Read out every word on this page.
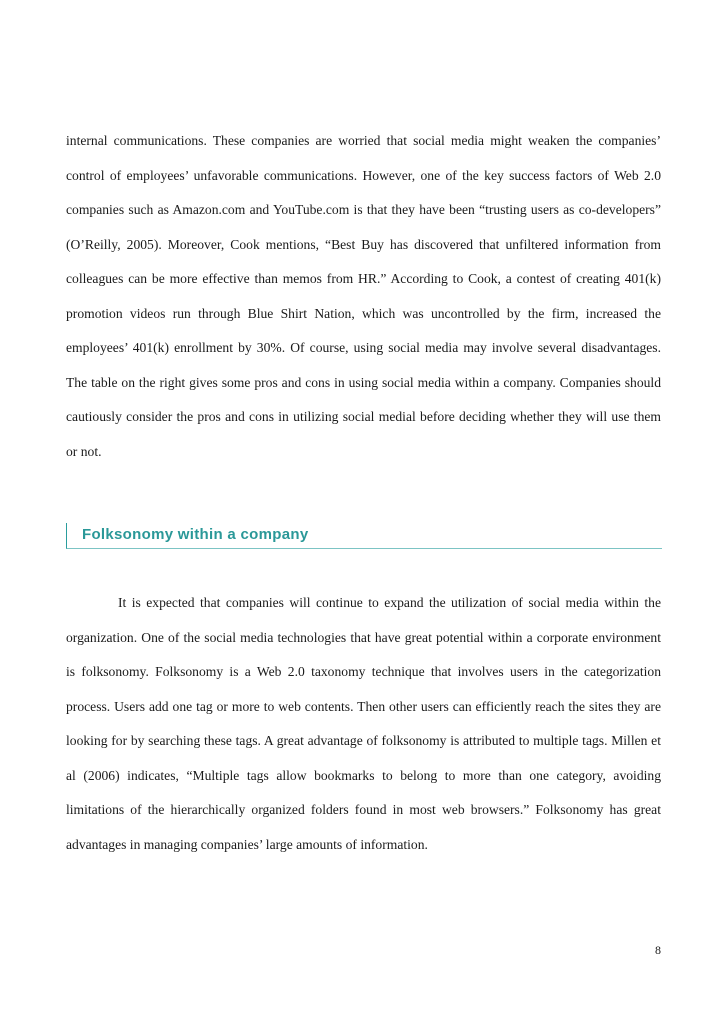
internal communications. These companies are worried that social media might weaken the companies’ control of employees’ unfavorable communications. However, one of the key success factors of Web 2.0 companies such as Amazon.com and YouTube.com is that they have been “trusting users as co-developers” (O’Reilly, 2005). Moreover, Cook mentions, “Best Buy has discovered that unfiltered information from colleagues can be more effective than memos from HR.” According to Cook, a contest of creating 401(k) promotion videos run through Blue Shirt Nation, which was uncontrolled by the firm, increased the employees’ 401(k) enrollment by 30%. Of course, using social media may involve several disadvantages. The table on the right gives some pros and cons in using social media within a company. Companies should cautiously consider the pros and cons in utilizing social medial before deciding whether they will use them or not.

Folksonomy within a company

It is expected that companies will continue to expand the utilization of social media within the organization. One of the social media technologies that have great potential within a corporate environment is folksonomy. Folksonomy is a Web 2.0 taxonomy technique that involves users in the categorization process. Users add one tag or more to web contents. Then other users can efficiently reach the sites they are looking for by searching these tags. A great advantage of folksonomy is attributed to multiple tags. Millen et al (2006) indicates, “Multiple tags allow bookmarks to belong to more than one category, avoiding limitations of the hierarchically organized folders found in most web browsers.” Folksonomy has great advantages in managing companies’ large amounts of information.

8
